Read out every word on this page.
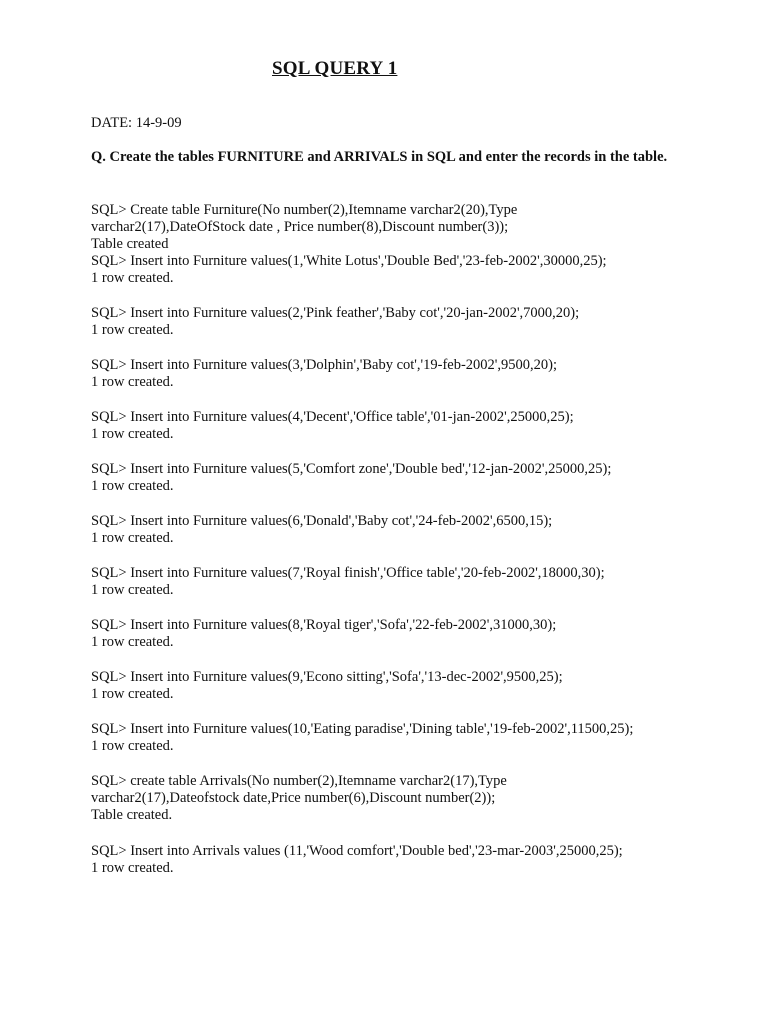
SQL QUERY 1
DATE: 14-9-09
Q. Create the tables FURNITURE and ARRIVALS in SQL and enter the records in the table.
SQL> Create table Furniture(No number(2),Itemname varchar2(20),Type
varchar2(17),DateOfStock date , Price number(8),Discount number(3));
Table created
SQL> Insert into Furniture values(1,'White Lotus','Double Bed','23-feb-2002',30000,25);
1 row created.
SQL> Insert into Furniture values(2,'Pink feather','Baby cot','20-jan-2002',7000,20);
1 row created.
SQL> Insert into Furniture values(3,'Dolphin','Baby cot','19-feb-2002',9500,20);
1 row created.
SQL> Insert into Furniture values(4,'Decent','Office table','01-jan-2002',25000,25);
1 row created.
SQL> Insert into Furniture values(5,'Comfort zone','Double bed','12-jan-2002',25000,25);
1 row created.
SQL> Insert into Furniture values(6,'Donald','Baby cot','24-feb-2002',6500,15);
1 row created.
SQL> Insert into Furniture values(7,'Royal finish','Office table','20-feb-2002',18000,30);
1 row created.
SQL> Insert into Furniture values(8,'Royal tiger','Sofa','22-feb-2002',31000,30);
1 row created.
SQL> Insert into Furniture values(9,'Econo sitting','Sofa','13-dec-2002',9500,25);
1 row created.
SQL> Insert into Furniture values(10,'Eating paradise','Dining table','19-feb-2002',11500,25);
1 row created.
SQL> create table Arrivals(No number(2),Itemname varchar2(17),Type
varchar2(17),Dateofstock date,Price number(6),Discount number(2));
Table created.
SQL> Insert into Arrivals values (11,'Wood comfort','Double bed','23-mar-2003',25000,25);
1 row created.
